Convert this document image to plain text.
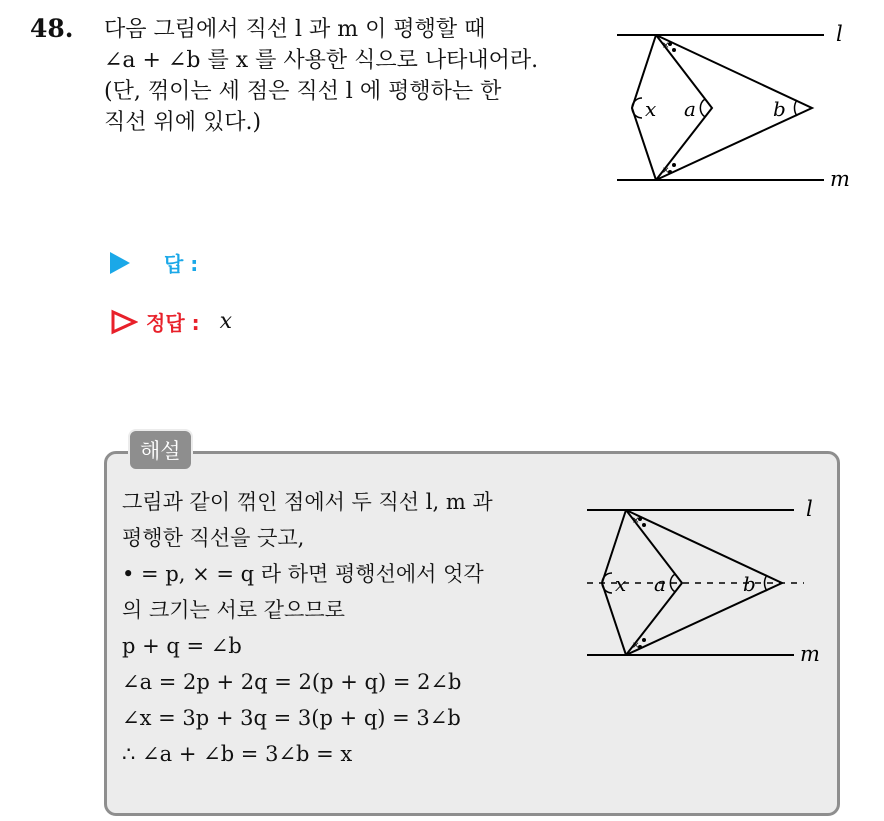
48. 다음 그림에서 직선 l 과 m 이 평행할 때

∠a + ∠b 를 x 를 사용한 식으로 나타내어라.

(단, 꺾이는 세 점은 직선 l 에 평행하는 한

직선 위에 있다.)

×
×
l
m
x a	b
답 :
정답 : x
해설

그림과 같이 꺾인 점에서 두 직선 l, m 과

평행한 직선을 긋고,

• = p, × = q 라 하면 평행선에서 엇각

의 크기는 서로 같으므로

p + q = ∠b

∠a = 2p + 2q = 2(p + q) = 2∠b

∠x = 3p + 3q = 3(p + q) = 3∠b

∴ ∠a + ∠b = 3∠b = x

×
×
l
m
x a	b
